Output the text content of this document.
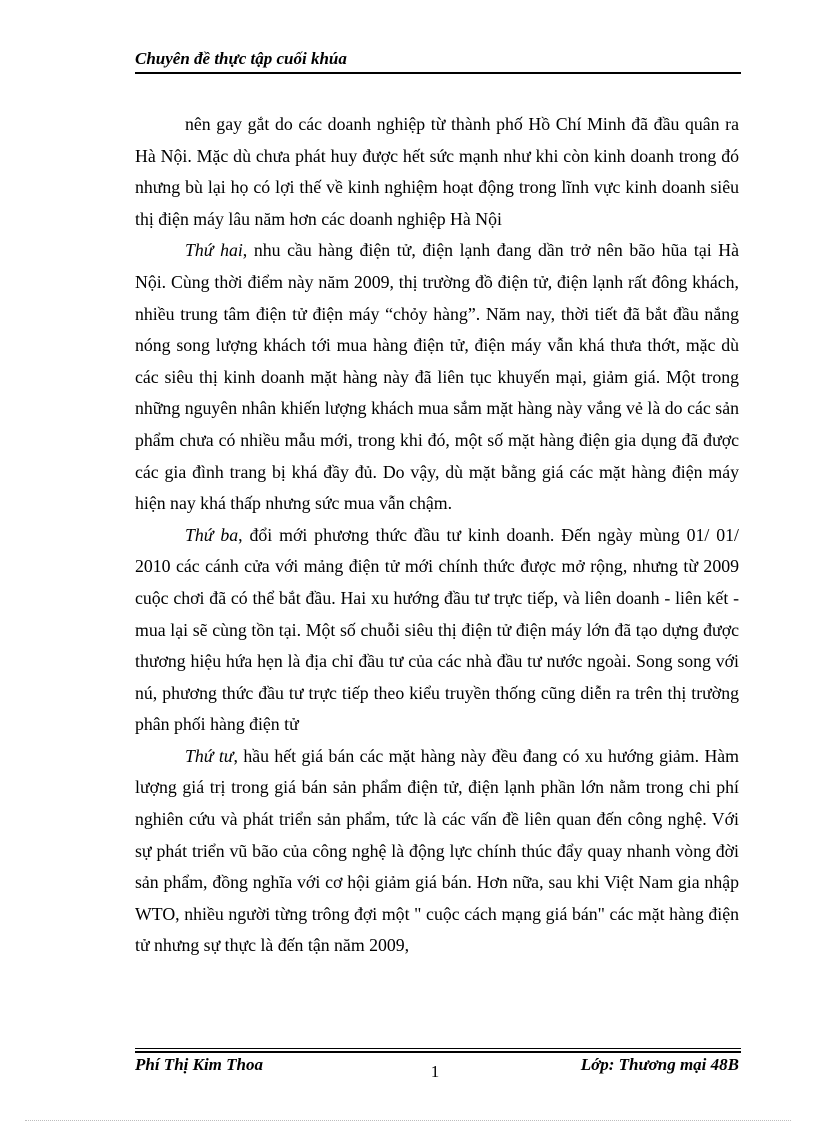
Chuyên đề thực tập cuối khúa

nên gay gắt do các doanh nghiệp từ thành phố Hồ Chí Minh đã đầu quân ra Hà Nội. Mặc dù chưa phát huy được hết sức mạnh như khi còn kinh doanh trong đó nhưng bù lại họ có lợi thế về kinh nghiệm hoạt động trong lĩnh vực kinh doanh siêu thị điện máy lâu năm hơn các doanh nghiệp Hà Nội

Thứ hai, nhu cầu hàng điện tử, điện lạnh đang dần trở nên bão hũa tại Hà Nội. Cùng thời điểm này năm 2009, thị trường đồ điện tử, điện lạnh rất đông khách, nhiều trung tâm điện tử điện máy “chỏy hàng”. Năm nay, thời tiết đã bắt đầu nắng nóng song lượng khách tới mua hàng điện tử, điện máy vẫn khá thưa thớt, mặc dù các siêu thị kinh doanh mặt hàng này đã liên tục khuyến mại, giảm giá. Một trong những nguyên nhân khiến lượng khách mua sắm mặt hàng này vắng vẻ là do các sản phẩm chưa có nhiều mẫu mới, trong khi đó, một số mặt hàng điện gia dụng đã được các gia đình trang bị khá đầy đủ. Do vậy, dù mặt bằng giá các mặt hàng điện máy hiện nay khá thấp nhưng sức mua vẫn chậm.

Thứ ba, đổi mới phương thức đầu tư kinh doanh. Đến ngày mùng 01/ 01/ 2010 các cánh cửa với mảng điện tử mới chính thức được mở rộng, nhưng từ 2009 cuộc chơi đã có thể bắt đầu. Hai xu hướng đầu tư trực tiếp, và liên doanh - liên kết - mua lại sẽ cùng tồn tại. Một số chuỗi siêu thị điện tử điện máy lớn đã tạo dựng được thương hiệu hứa hẹn là địa chỉ đầu tư của các nhà đầu tư nước ngoài. Song song với nú, phương thức đầu tư trực tiếp theo kiểu truyền thống cũng diễn ra trên thị trường phân phối hàng điện tử

Thứ tư, hầu hết giá bán các mặt hàng này đều đang có xu hướng giảm. Hàm lượng giá trị trong giá bán sản phẩm điện tử, điện lạnh phần lớn nằm trong chi phí nghiên cứu và phát triển sản phẩm, tức là các vấn đề liên quan đến công nghệ. Với sự phát triển vũ bão của công nghệ là động lực chính thúc đẩy quay nhanh vòng đời sản phẩm, đồng nghĩa với cơ hội giảm giá bán. Hơn nữa, sau khi Việt Nam gia nhập WTO, nhiều người từng trông đợi một " cuộc cách mạng giá bán" các mặt hàng điện tử nhưng sự thực là đến tận năm 2009,

Phí Thị Kim Thoa	1	Lớp: Thương mại 48B
